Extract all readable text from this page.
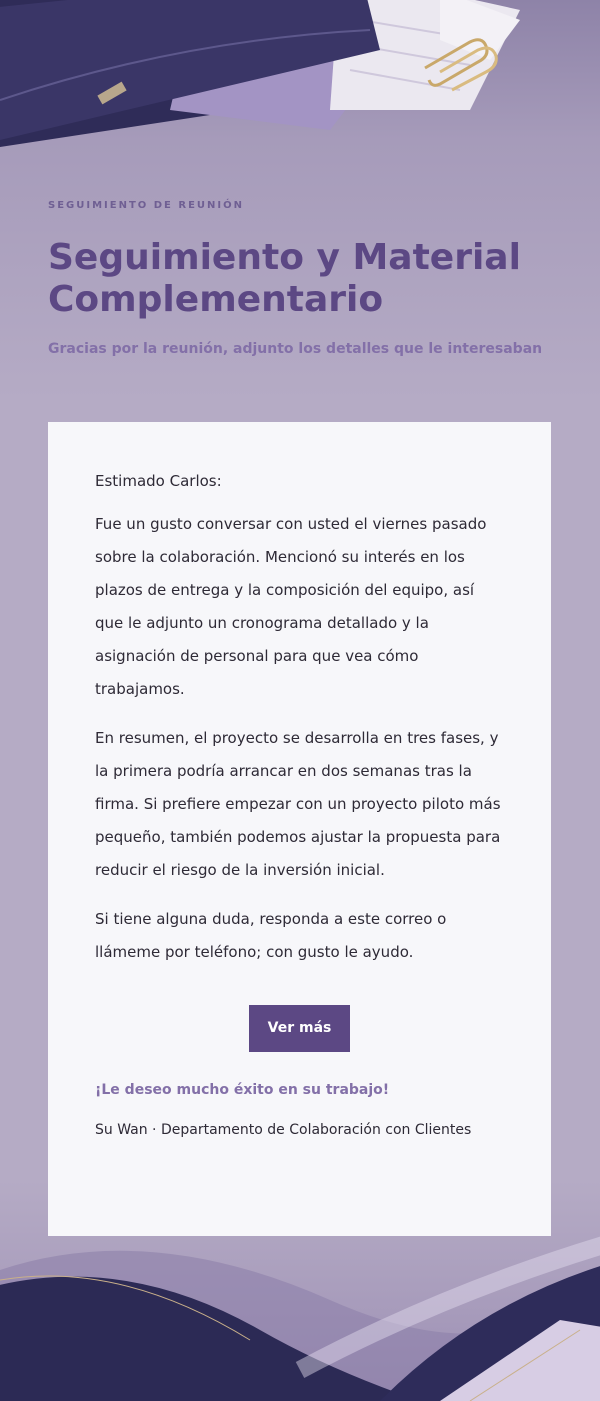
SEGUIMIENTO DE REUNIÓN

Seguimiento y Material
Complementario

Gracias por la reunión, adjunto los detalles que le interesaban

Estimado Carlos:

Fue un gusto conversar con usted el viernes pasado sobre la colaboración. Mencionó su interés en los plazos de entrega y la composición del equipo, así que le adjunto un cronograma detallado y la asignación de personal para que vea cómo trabajamos.

En resumen, el proyecto se desarrolla en tres fases, y la primera podría arrancar en dos semanas tras la firma. Si prefiere empezar con un proyecto piloto más pequeño, también podemos ajustar la propuesta para reducir el riesgo de la inversión inicial.

Si tiene alguna duda, responda a este correo o llámeme por teléfono; con gusto le ayudo.

Ver más

¡Le deseo mucho éxito en su trabajo!

Su Wan · Departamento de Colaboración con Clientes
